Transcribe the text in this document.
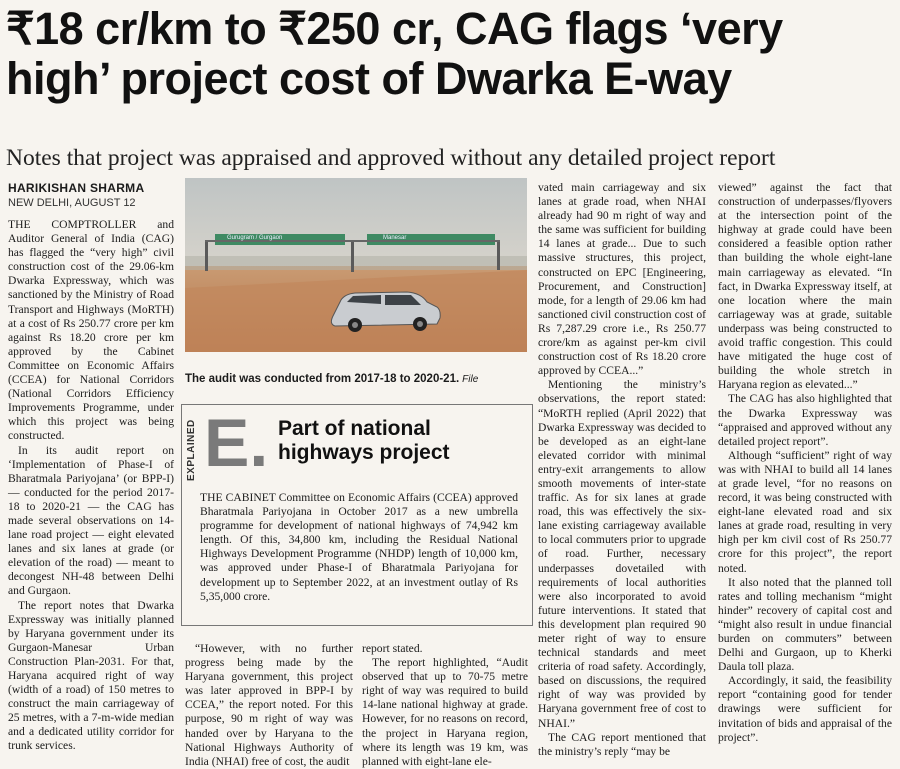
₹18 cr/km to ₹250 cr, CAG flags ‘very high’ project cost of Dwarka E-way
Notes that project was appraised and approved without any detailed project report
HARIKISHAN SHARMA
NEW DELHI, AUGUST 12

THE COMPTROLLER and Auditor General of India (CAG) has flagged the “very high” civil construction cost of the 29.06-km Dwarka Expressway, which was sanctioned by the Ministry of Road Transport and Highways (MoRTH) at a cost of Rs 250.77 crore per km against Rs 18.20 crore per km approved by the Cabinet Committee on Economic Affairs (CCEA) for National Corridors (National Corridors Efficiency Improvements Programme, under which this project was being constructed.

In its audit report on ‘Implementation of Phase-I of Bharatmala Pariyojana’ (or BPP-I) — conducted for the period 2017-18 to 2020-21 — the CAG has made several observations on 14-lane road project — eight elevated lanes and six lanes at grade (or elevation of the road) — meant to decongest NH-48 between Delhi and Gurgaon.

The report notes that Dwarka Expressway was initially planned by Haryana government under its Gurgaon-Manesar Urban Construction Plan-2031. For that, Haryana acquired right of way (width of a road) of 150 metres to construct the main carriageway of 25 metres, with a 7-m-wide median and a dedicated utility corridor for trunk services.

Gurugram / Gurgaon	Manesar
The audit was conducted from 2017-18 to 2020-21. File
EXPLAINED E. Part of national highways project

THE CABINET Committee on Economic Affairs (CCEA) approved Bharatmala Pariyojana in October 2017 as a new umbrella programme for development of national highways of 74,942 km length. Of this, 34,800 km, including the Residual National Highways Development Programme (NHDP) length of 10,000 km, was approved under Phase-I of Bharatmala Pariyojana for development up to September 2022, at an investment outlay of Rs 5,35,000 crore.

“However, with no further progress being made by the Haryana government, this project was later approved in BPP-I by CCEA,” the report noted. For this purpose, 90 m right of way was handed over by Haryana to the National Highways Authority of India (NHAI) free of cost, the audit

report stated.

The report highlighted, “Audit observed that up to 70-75 metre right of way was required to build 14-lane national highway at grade. However, for no reasons on record, the project in Haryana region, where its length was 19 km, was planned with eight-lane ele-

vated main carriageway and six lanes at grade road, when NHAI already had 90 m right of way and the same was sufficient for building 14 lanes at grade... Due to such massive structures, this project, constructed on EPC [Engineering, Procurement, and Construction] mode, for a length of 29.06 km had sanctioned civil construction cost of Rs 7,287.29 crore i.e., Rs 250.77 crore/km as against per-km civil construction cost of Rs 18.20 crore approved by CCEA...”

Mentioning the ministry’s observations, the report stated: “MoRTH replied (April 2022) that Dwarka Expressway was decided to be developed as an eight-lane elevated corridor with minimal entry-exit arrangements to allow smooth movements of inter-state traffic. As for six lanes at grade road, this was effectively the six-lane existing carriageway available to local commuters prior to upgrade of road. Further, necessary underpasses dovetailed with requirements of local authorities were also incorporated to avoid future interventions. It stated that this development plan required 90 meter right of way to ensure technical standards and meet criteria of road safety. Accordingly, based on discussions, the required right of way was provided by Haryana government free of cost to NHAI.”

The CAG report mentioned that the ministry’s reply “may be

viewed” against the fact that construction of underpasses/flyovers at the intersection point of the highway at grade could have been considered a feasible option rather than building the whole eight-lane main carriageway as elevated. “In fact, in Dwarka Expressway itself, at one location where the main carriageway was at grade, suitable underpass was being constructed to avoid traffic congestion. This could have mitigated the huge cost of building the whole stretch in Haryana region as elevated...”

The CAG has also highlighted that the Dwarka Expressway was “appraised and approved without any detailed project report”.

Although “sufficient” right of way was with NHAI to build all 14 lanes at grade level, “for no reasons on record, it was being constructed with eight-lane elevated road and six lanes at grade road, resulting in very high per km civil cost of Rs 250.77 crore for this project”, the report noted.

It also noted that the planned toll rates and tolling mechanism “might hinder” recovery of capital cost and “might also result in undue financial burden on commuters” between Delhi and Gurgaon, up to Kherki Daula toll plaza.

Accordingly, it said, the feasibility report “containing good for tender drawings were sufficient for invitation of bids and appraisal of the project”.
